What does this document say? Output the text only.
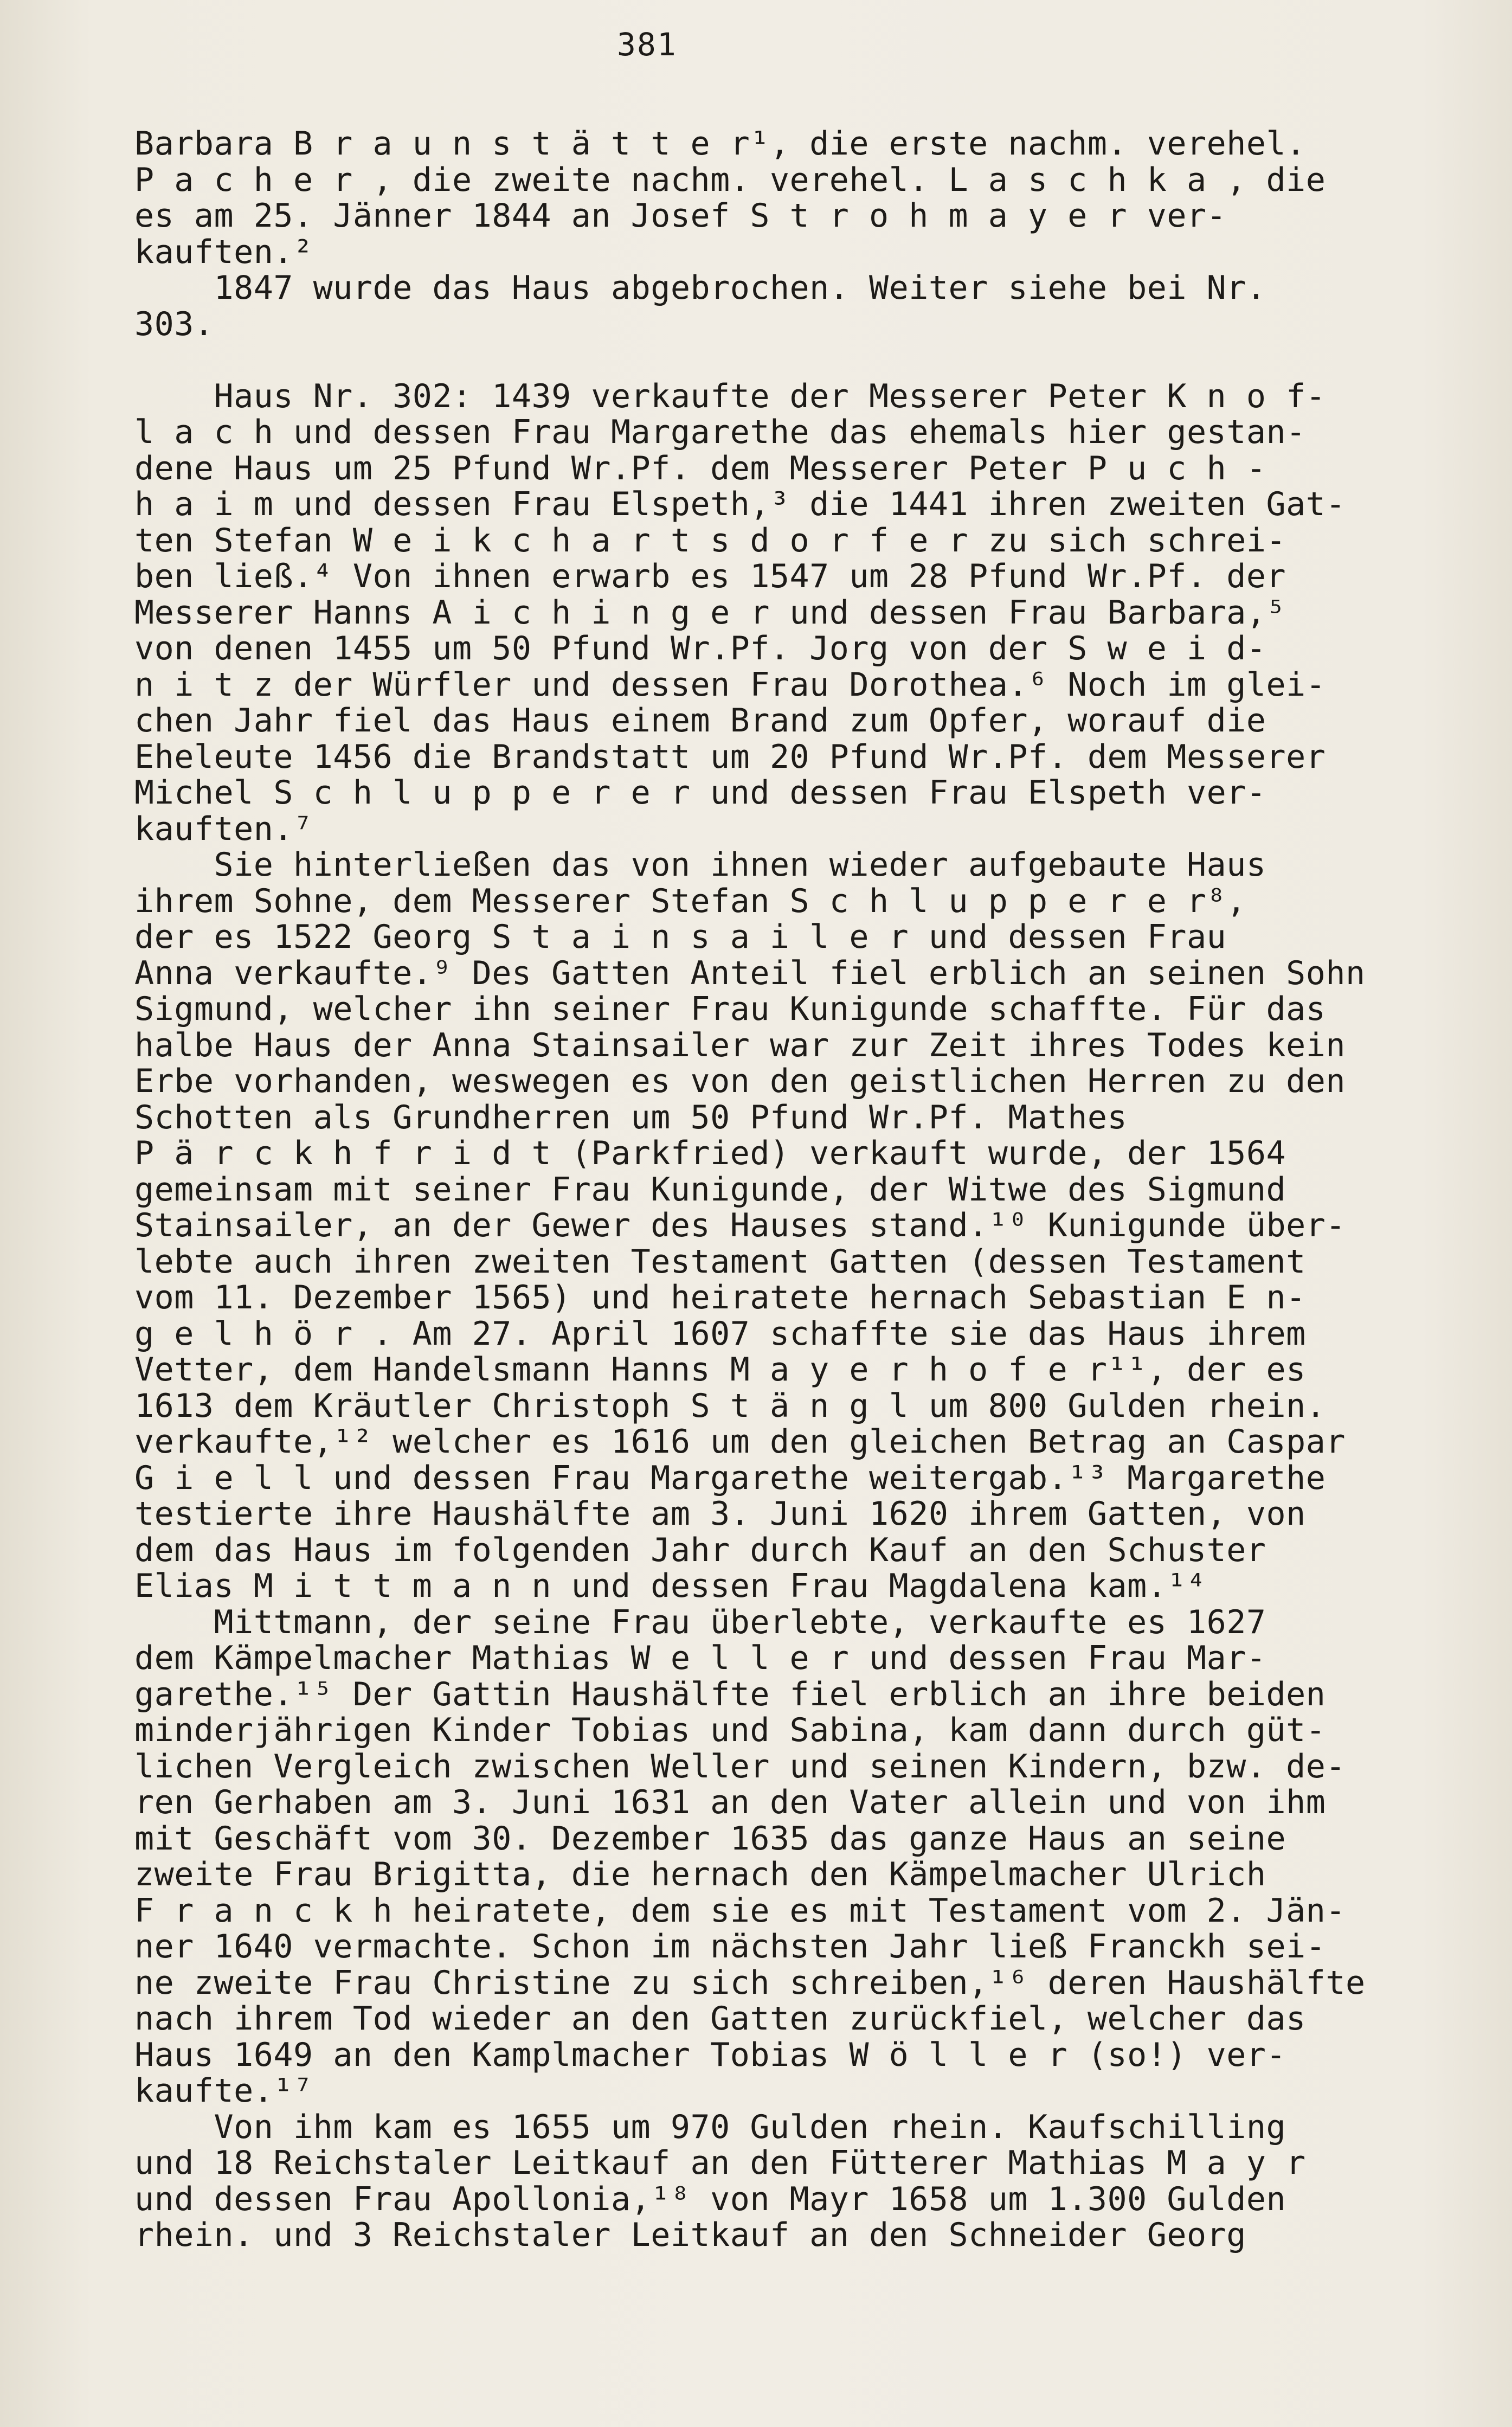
381
Barbara B r a u n s t ä t t e r¹, die erste nachm. verehel.
P a c h e r , die zweite nachm. verehel. L a s c h k a , die
es am 25. Jänner 1844 an Josef S t r o h m a y e r ver-
kauften.²
1847 wurde das Haus abgebrochen. Weiter siehe bei Nr.
303.
Haus Nr. 302: 1439 verkaufte der Messerer Peter K n o f-
l a c h und dessen Frau Margarethe das ehemals hier gestan-
dene Haus um 25 Pfund Wr.Pf. dem Messerer Peter P u c h -
h a i m und dessen Frau Elspeth,³ die 1441 ihren zweiten Gat-
ten Stefan W e i k c h a r t s d o r f e r zu sich schrei-
ben ließ.⁴ Von ihnen erwarb es 1547 um 28 Pfund Wr.Pf. der
Messerer Hanns A i c h i n g e r und dessen Frau Barbara,⁵
von denen 1455 um 50 Pfund Wr.Pf. Jorg von der S w e i d-
n i t z der Würfler und dessen Frau Dorothea.⁶ Noch im glei-
chen Jahr fiel das Haus einem Brand zum Opfer, worauf die
Eheleute 1456 die Brandstatt um 20 Pfund Wr.Pf. dem Messerer
Michel S c h l u p p e r e r und dessen Frau Elspeth ver-
kauften.⁷
Sie hinterließen das von ihnen wieder aufgebaute Haus
ihrem Sohne, dem Messerer Stefan S c h l u p p e r e r⁸,
der es 1522 Georg S t a i n s a i l e r und dessen Frau
Anna verkaufte.⁹ Des Gatten Anteil fiel erblich an seinen Sohn
Sigmund, welcher ihn seiner Frau Kunigunde schaffte. Für das
halbe Haus der Anna Stainsailer war zur Zeit ihres Todes kein
Erbe vorhanden, weswegen es von den geistlichen Herren zu den
Schotten als Grundherren um 50 Pfund Wr.Pf. Mathes
P ä r c k h f r i d t (Parkfried) verkauft wurde, der 1564
gemeinsam mit seiner Frau Kunigunde, der Witwe des Sigmund
Stainsailer, an der Gewer des Hauses stand.¹⁰ Kunigunde über-
lebte auch ihren zweiten Testament Gatten (dessen Testament
vom 11. Dezember 1565) und heiratete hernach Sebastian E n-
g e l h ö r . Am 27. April 1607 schaffte sie das Haus ihrem
Vetter, dem Handelsmann Hanns M a y e r h o f e r¹¹, der es
1613 dem Kräutler Christoph S t ä n g l um 800 Gulden rhein.
verkaufte,¹² welcher es 1616 um den gleichen Betrag an Caspar
G i e l l und dessen Frau Margarethe weitergab.¹³ Margarethe
testierte ihre Haushälfte am 3. Juni 1620 ihrem Gatten, von
dem das Haus im folgenden Jahr durch Kauf an den Schuster
Elias M i t t m a n n und dessen Frau Magdalena kam.¹⁴
Mittmann, der seine Frau überlebte, verkaufte es 1627
dem Kämpelmacher Mathias W e l l e r und dessen Frau Mar-
garethe.¹⁵ Der Gattin Haushälfte fiel erblich an ihre beiden
minderjährigen Kinder Tobias und Sabina, kam dann durch güt-
lichen Vergleich zwischen Weller und seinen Kindern, bzw. de-
ren Gerhaben am 3. Juni 1631 an den Vater allein und von ihm
mit Geschäft vom 30. Dezember 1635 das ganze Haus an seine
zweite Frau Brigitta, die hernach den Kämpelmacher Ulrich
F r a n c k h heiratete, dem sie es mit Testament vom 2. Jän-
ner 1640 vermachte. Schon im nächsten Jahr ließ Franckh sei-
ne zweite Frau Christine zu sich schreiben,¹⁶ deren Haushälfte
nach ihrem Tod wieder an den Gatten zurückfiel, welcher das
Haus 1649 an den Kamplmacher Tobias W ö l l e r (so!) ver-
kaufte.¹⁷
Von ihm kam es 1655 um 970 Gulden rhein. Kaufschilling
und 18 Reichstaler Leitkauf an den Fütterer Mathias M a y r
und dessen Frau Apollonia,¹⁸ von Mayr 1658 um 1.300 Gulden
rhein. und 3 Reichstaler Leitkauf an den Schneider Georg
